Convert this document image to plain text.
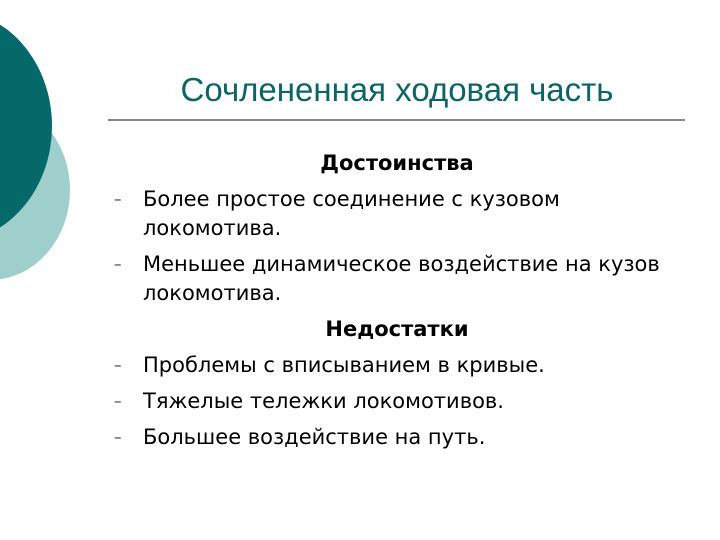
Сочлененная ходовая часть
Достоинства
– Более простое соединение с кузовом локомотива.
– Меньшее динамическое воздействие на кузов локомотива.
Недостатки
– Проблемы с вписыванием в кривые.
– Тяжелые тележки локомотивов.
– Большее воздействие на путь.
